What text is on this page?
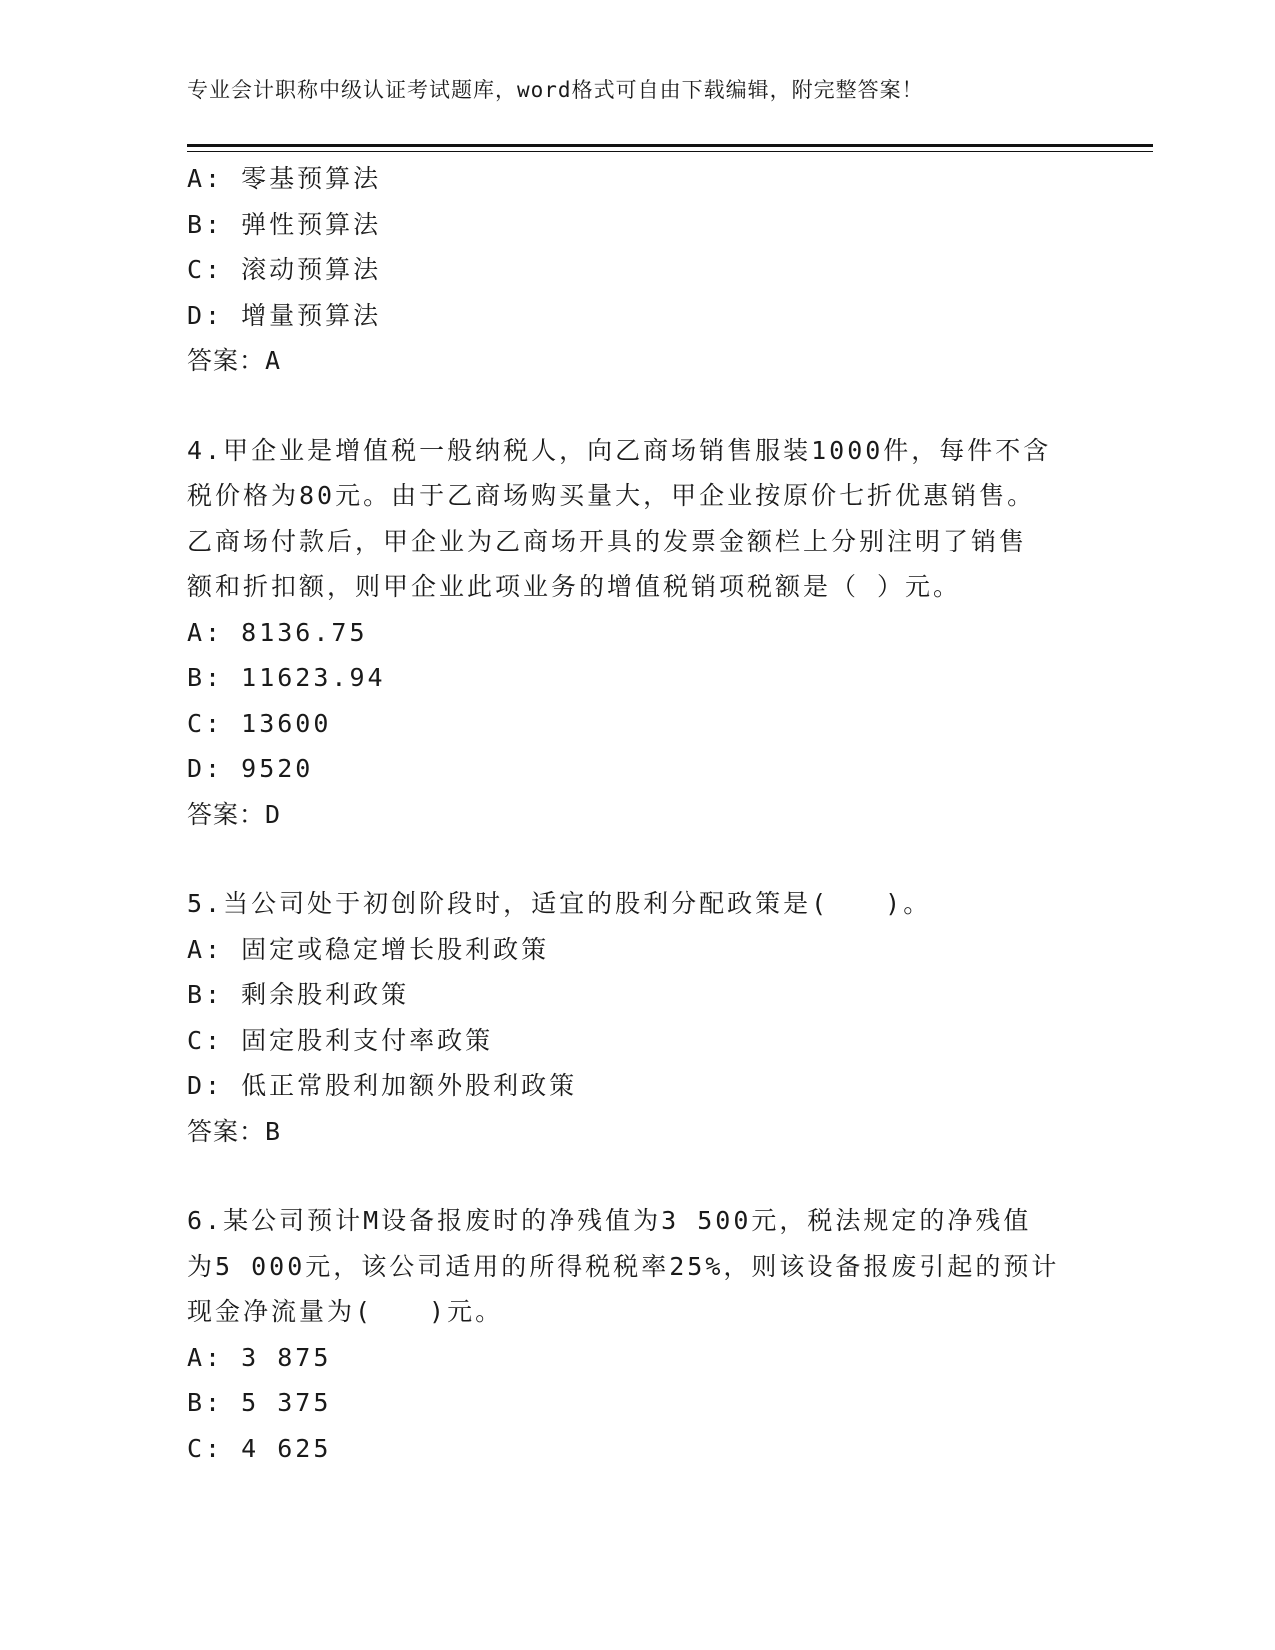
专业会计职称中级认证考试题库，word格式可自由下载编辑，附完整答案！
A: 零基预算法
B: 弹性预算法
C: 滚动预算法
D: 增量预算法
答案：A
4.甲企业是增值税一般纳税人，向乙商场销售服装1000件，每件不含
税价格为80元。由于乙商场购买量大，甲企业按原价七折优惠销售。
乙商场付款后，甲企业为乙商场开具的发票金额栏上分别注明了销售
额和折扣额，则甲企业此项业务的增值税销项税额是（ ）元。
A: 8136.75
B: 11623.94
C: 13600
D: 9520
答案：D
5.当公司处于初创阶段时，适宜的股利分配政策是(　　)。
A: 固定或稳定增长股利政策
B: 剩余股利政策
C: 固定股利支付率政策
D: 低正常股利加额外股利政策
答案：B
6.某公司预计M设备报废时的净残值为3 500元，税法规定的净残值
为5 000元，该公司适用的所得税税率25%，则该设备报废引起的预计
现金净流量为(　　)元。
A: 3 875
B: 5 375
C: 4 625
